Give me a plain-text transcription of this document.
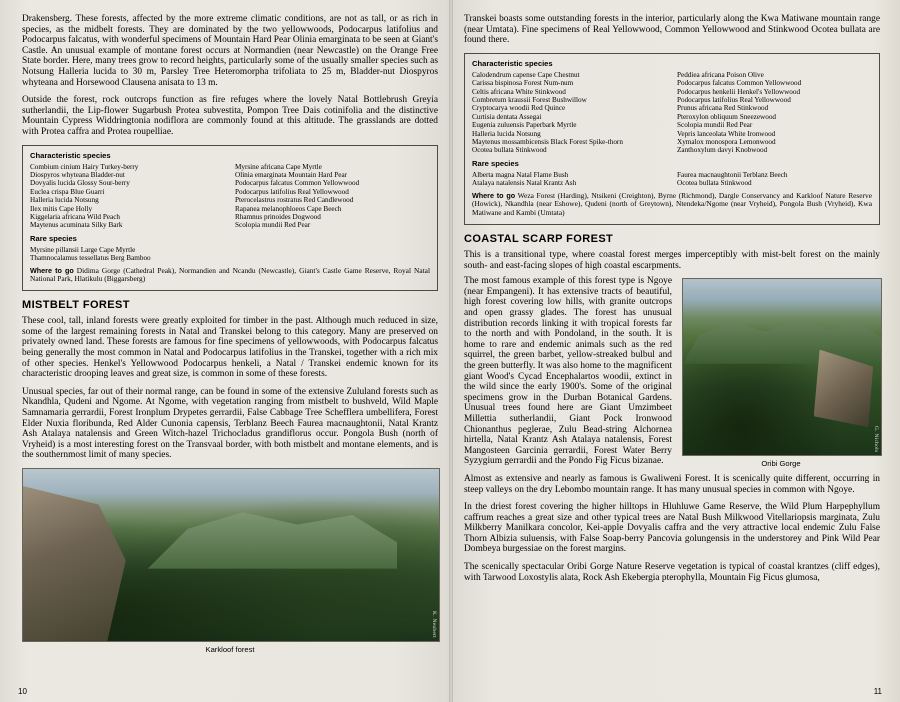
Drakensberg. These forests, affected by the more extreme climatic conditions, are not as tall, or as rich in species, as the midbelt forests. They are dominated by the two yellowwoods, Podocarpus latifolius and Podocarpus falcatus, with wonderful specimens of Mountain Hard Pear Olinia emarginata to be seen at Giant's Castle. An unusual example of montane forest occurs at Normandien (near Newcastle) on the Orange Free State border. Here, many trees grow to record heights, particularly some of the usually smaller species such as Notsung Halleria lucida to 30 m, Parsley Tree Heteromorpha trifoliata to 25 m, Bladder-nut Diospyros whyteana and Horsewood Clausena anisata to 13 m.

Outside the forest, rock outcrops function as fire refuges where the lovely Natal Bottlebrush Greyia sutherlandii, the Lip-flower Sugarbush Protea subvestita, Pompon Tree Dais cotinifolia and the distinctive Mountain Cypress Widdringtonia nodiflora are commonly found at this altitude. The grasslands are dotted with Protea caffra and Protea roupelliae.

Characteristic species

Combium cinium Hairy Turkey-berry

Diospyros whyteana Bladder-nut

Dovyalis lucida Glossy Sour-berry

Euclea crispa Blue Guarri

Halleria lucida Notsung

Ilex mitis Cape Holly

Kiggelaria africana Wild Peach

Maytenus acuminata Silky Bark

Myrsine africana Cape Myrtle

Olinia emarginata Mountain Hard Pear

Podocarpus falcatus Common Yellowwood

Podocarpus latifolius Real Yellowwood

Pterocelastrus rostratus Red Candlewood

Rapanea melanophloeos Cape Beech

Rhamnus prinoides Dogwood

Scolopia mundii Red Pear

Rare species

Myrsine pillansii Large Cape Myrtle

Thamnocalamus tessellatus Berg Bamboo

Where to go Didima Gorge (Cathedral Peak), Normandien and Ncandu (Newcastle), Giant's Castle Game Reserve, Royal Natal National Park, Hlatikulu (Biggarsberg)

MISTBELT FOREST

These cool, tall, inland forests were greatly exploited for timber in the past. Although much reduced in size, some of the largest remaining forests in Natal and Transkei belong to this category. Many are preserved on privately owned land. These forests are famous for fine specimens of yellowwoods, with Podocarpus falcatus being generally the most common in Natal and Podocarpus latifolius in the Transkei, together with a rich mix of other species. Henkel's Yellowwood Podocarpus henkeli, a Natal / Transkei endemic known for its characteristic drooping leaves and great size, is common in some of these forests.

Unusual species, far out of their normal range, can be found in some of the extensive Zululand forests such as Nkandhla, Qudeni and Ngome. At Ngome, with vegetation ranging from mistbelt to bushveld, Wild Maple Samnamaria gerrardii, Forest Ironplum Drypetes gerrardii, False Cabbage Tree Schefflera umbellifera, Forest Elder Nuxia floribunda, Red Alder Cunonia capensis, Terblanz Beech Faurea macnaughtonii, Natal Krantz Ash Atalaya natalensis and Green Witch-hazel Trichocladus grandiflorus occur. Pongola Bush (north of Vryheid) is a most interesting forest on the Transvaal border, with both mistbelt and montane elements, and is the southernmost limit of many species.

K. Neubert
Karkloof forest
10

Transkei boasts some outstanding forests in the interior, particularly along the Kwa Matiwane mountain range (near Umtata). Fine specimens of Real Yellowwood, Common Yellowwood and Stinkwood Ocotea bullata are found there.

Characteristic species

Calodendrum capense Cape Chestnut

Carissa bispinosa Forest Num-num

Celtis africana White Stinkwood

Combretum kraussii Forest Bushwillow

Cryptocarya woodii Red Quince

Curtisia dentata Assegai

Eugenia zuluensis Paperbark Myrtle

Halleria lucida Notsung

Maytenus mossambicensis Black Forest Spike-thorn

Ocotea bullata Stinkwood

Peddiea africana Poison Olive

Podocarpus falcatus Common Yellowwood

Podocarpus henkelii Henkel's Yellowwood

Podocarpus latifolius Real Yellowwood

Prunus africana Red Stinkwood

Pteroxylon obliquum Sneezewood

Scolopia mundii Red Pear

Vepris lanceolata White Ironwood

Xymalox monospora Lemonwood

Zanthoxylum davyi Knobwood

Rare species

Alberta magna Natal Flame Bush

Atalaya natalensis Natal Krantz Ash

Faurea macnaughtonii Terblanz Beech

Ocotea bullata Stinkwood

Where to go Weza Forest (Harding), Ntsikeni (Creighton), Byrne (Richmond), Dargle Conservancy and Karkloof Nature Reserve (Howick), Nkandhla (near Eshowe), Qudeni (north of Greytown), Ntendeka/Ngome (near Vryheid), Pongola Bush (Vryheid), Kwa Matiwane and Kambi (Umtata)

COASTAL SCARP FOREST

This is a transitional type, where coastal forest merges imperceptibly with mist-belt forest on the mainly south- and east-facing slopes of high coastal escarpments.

G. Nichols
Oribi Gorge

The most famous example of this forest type is Ngoye (near Empangeni). It has extensive tracts of beautiful, high forest covering low hills, with granite outcrops and open grassy glades. The forest has unusual distribution records linking it with tropical forests far to the north and with Pondoland, in the south. It is home to rare and endemic animals such as the red squirrel, the green barbet, yellow-streaked bulbul and the green butterfly. It was also home to the magnificent giant Wood's Cycad Encephalartos woodii, extinct in the wild since the early 1900's. Some of the original specimens grow in the Durban Botanical Gardens. Unusual trees found here are Giant Umzimbeet Millettia sutherlandii, Giant Pock Ironwood Chionanthus peglerae, Zulu Bead-string Alchornea hirtella, Natal Krantz Ash Atalaya natalensis, Forest Mangosteen Garcinia gerrardii, Forest Water Berry Syzygium gerrardii and the Pondo Fig Ficus bizanae.

Almost as extensive and nearly as famous is Gwaliweni Forest. It is scenically quite different, occurring in steep valleys on the dry Lebombo mountain range. It has many unusual species in common with Ngoye.

In the driest forest covering the higher hilltops in Hluhluwe Game Reserve, the Wild Plum Harpephyllum caffrum reaches a great size and other typical trees are Natal Bush Milkwood Vitellariopsis marginata, Zulu Milkberry Manilkara concolor, Kei-apple Dovyalis caffra and the very attractive local endemic Zulu False Thorn Albizia suluensis, with False Soap-berry Pancovia golungensis in the understorey and Pink Wild Pear Dombeya burgessiae on the forest margins.

The scenically spectacular Oribi Gorge Nature Reserve vegetation is typical of coastal krantzes (cliff edges), with Tarwood Loxostylis alata, Rock Ash Ekebergia pterophylla, Mountain Fig Ficus glumosa,

11
